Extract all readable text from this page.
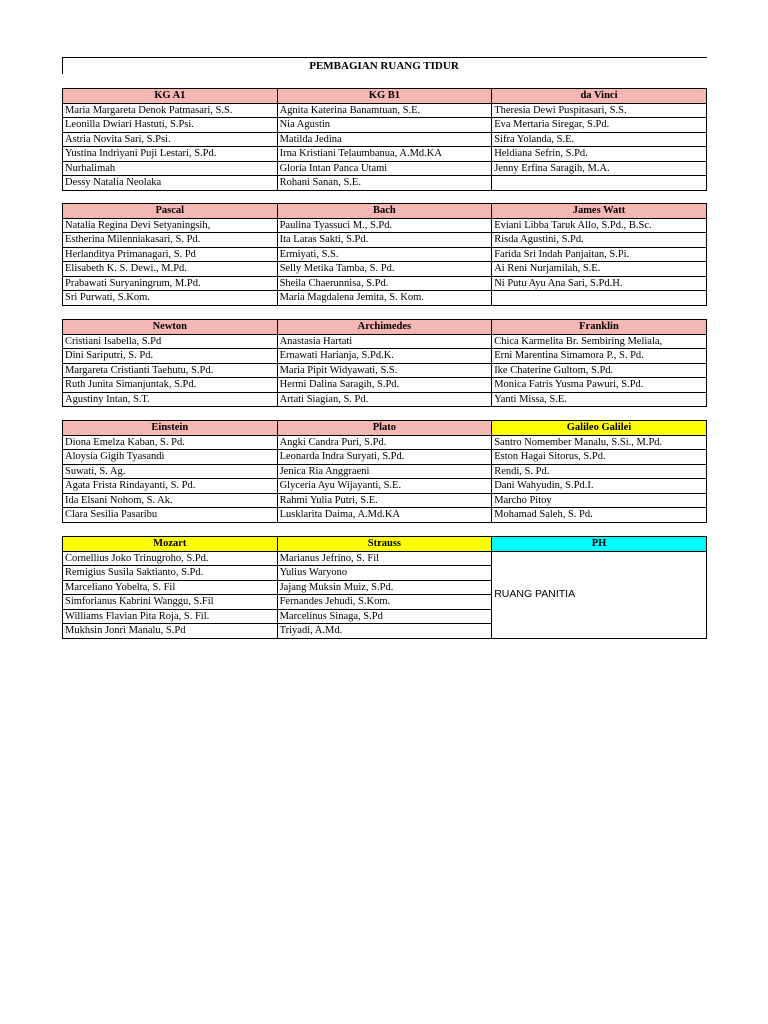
PEMBAGIAN RUANG TIDUR
KG A1	KG B1	da Vinci
Maria Margareta Denok Patmasari, S.S.	Agnita Katerina Banamtuan, S.E.	Theresia Dewi Puspitasari, S.S.
Leonilla Dwiari Hastuti, S.Psi.	Nia Agustin	Eva Mertaria Siregar, S.Pd.
Astria Novita Sari, S.Psi.	Matilda Jedina	Sifra Yolanda, S.E.
Yustina Indriyani Puji Lestari, S.Pd.	Irna Kristiani Telaumbanua, A.Md.KA	Heldiana Sefrin, S.Pd.
Nurhalimah	Gloria Intan Panca Utami	Jenny Erfina Saragih, M.A.
Dessy Natalia Neolaka	Rohani Sanan, S.E.	
Pascal	Bach	James Watt
Natalia Regina Devi Setyaningsih,	Paulina Tyassuci M., S.Pd.	Eviani Libba Taruk Allo, S.Pd., B.Sc.
Estherina Milenniakasari, S. Pd.	Ita Laras Sakti, S.Pd.	Risda Agustini, S.Pd.
Herlanditya Primanagari, S. Pd	Ermiyati, S.S.	Farida Sri Indah Panjaitan, S.Pi.
Elisabeth K. S. Dewi., M.Pd.	Selly Metika Tamba, S. Pd.	Ai Reni Nurjamilah, S.E.
Prabawati Suryaningrum, M.Pd.	Sheila Chaerunnisa, S.Pd.	Ni Putu Ayu Ana Sari, S.Pd.H.
Sri Purwati, S.Kom.	Maria Magdalena Jemita, S. Kom.	
Newton	Archimedes	Franklin
Cristiani Isabella, S.Pd	Anastasia Hartati	Chica Karmelita Br. Sembiring Meliala,
Dini Sariputri, S. Pd.	Ernawati Harianja, S.Pd.K.	Erni Marentina Simamora P., S. Pd.
Margareta Cristianti Taehutu, S.Pd.	Maria Pipit Widyawati, S.S.	Ike Chaterine Gultom, S.Pd.
Ruth Junita Simanjuntak, S.Pd.	Hermi Dalina Saragih, S.Pd.	Monica Fatris Yusma Pawuri, S.Pd.
Agustiny Intan, S.T.	Artati Siagian, S. Pd.	Yanti Missa, S.E.
Einstein	Plato	Galileo Galilei
Diona Emelza Kaban, S. Pd.	Angki Candra Puri, S.Pd.	Santro Nomember Manalu, S.Si., M.Pd.
Aloysia Gigih Tyasandi	Leonarda Indra Suryati, S.Pd.	Eston Hagai Sitorus, S.Pd.
Suwati, S. Ag.	Jenica Ria Anggraeni	Rendi, S. Pd.
Agata Frista Rindayanti, S. Pd.	Glyceria Ayu Wijayanti, S.E.	Dani Wahyudin, S.Pd.I.
Ida Elsani Nohom, S. Ak.	Rahmi Yulia Putri, S.E.	Marcho Pitoy
Clara Sesilia Pasaribu	Lusklarita Daima, A.Md.KA	Mohamad Saleh, S. Pd.
Mozart	Strauss	PH
Cornellius Joko Trinugroho, S.Pd.	Marianus Jefrino, S. Fil	RUANG PANITIA
Remigius Susila Saktianto, S.Pd.	Yulius Waryono	
Marceliano Yobelta, S. Fil	Jajang Muksin Muiz, S.Pd.	
Simforianus Kabrini Wanggu, S.Fil	Fernandes Jehudi, S.Kom.	
Williams Flavian Pita Roja, S. Fil.	Marcelinus Sinaga, S.Pd	
Mukhsin Jonri Manalu, S.Pd	Triyadi, A.Md.	
